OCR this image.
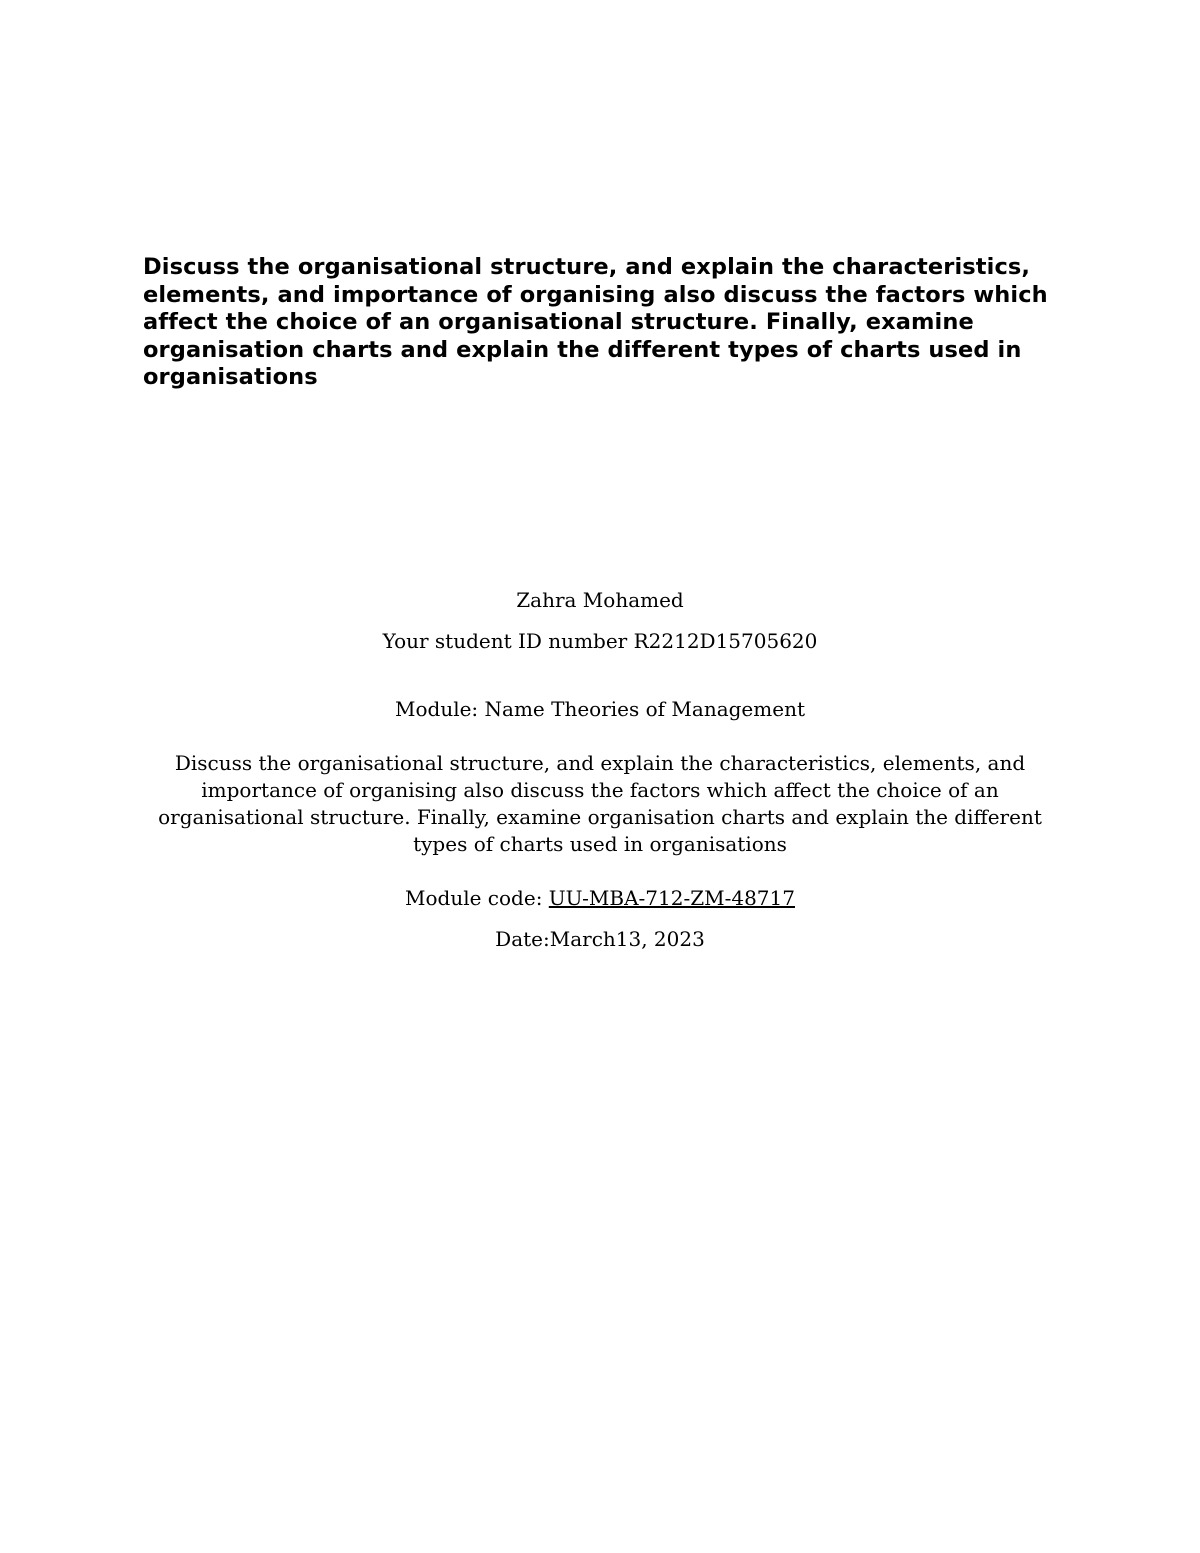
Discuss the organisational structure, and explain the characteristics, elements, and importance of organising also discuss the factors which affect the choice of an organisational structure. Finally, examine organisation charts and explain the different types of charts used in organisations
Zahra Mohamed
Your student ID number R2212D15705620
Module: Name Theories of Management
Discuss the organisational structure, and explain the characteristics, elements, and importance of organising also discuss the factors which affect the choice of an organisational structure. Finally, examine organisation charts and explain the different types of charts used in organisations
Module code: UU-MBA-712-ZM-48717
Date:March13, 2023
